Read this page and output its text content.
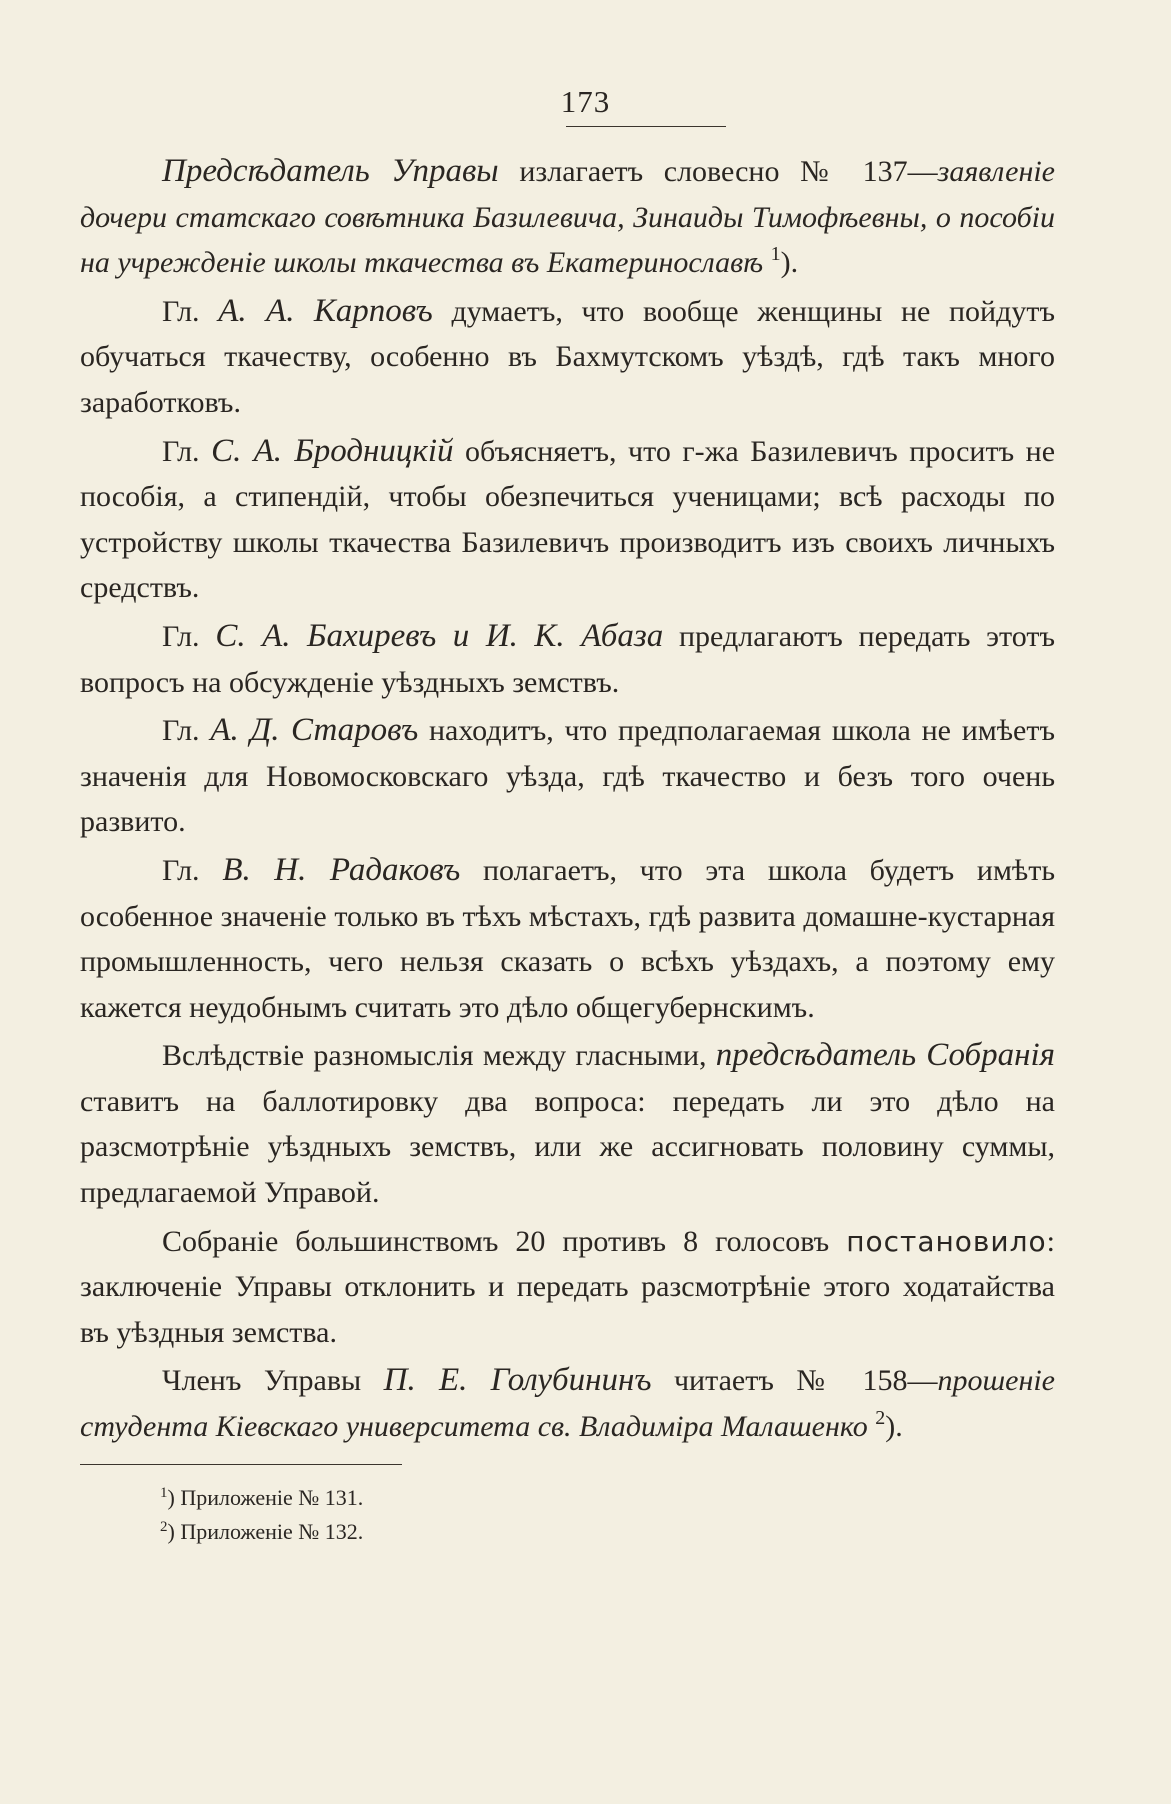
173

Предсѣдатель Управы излагаетъ словесно № 137—заявленіе дочери статскаго совѣтника Базилевича, Зинаиды Тимофѣевны, о пособіи на учрежденіе школы ткачества въ Екатеринославѣ $^1$).

Гл. А. А. Карповъ думаетъ, что вообще женщины не пойдутъ обучаться ткачеству, особенно въ Бахмутскомъ уѣздѣ, гдѣ такъ много заработковъ.

Гл. С. А. Бродницкій объясняетъ, что г-жа Базилевичъ проситъ не пособія, а стипендій, чтобы обезпечиться ученицами; всѣ расходы по устройству школы ткачества Базилевичъ производитъ изъ своихъ личныхъ средствъ.

Гл. С. А. Бахиревъ и И. К. Абаза предлагаютъ передать этотъ вопросъ на обсужденіе уѣздныхъ земствъ.

Гл. А. Д. Старовъ находитъ, что предполагаемая школа не имѣетъ значенія для Новомосковскаго уѣзда, гдѣ ткачество и безъ того очень развито.

Гл. В. Н. Радаковъ полагаетъ, что эта школа будетъ имѣть особенное значеніе только въ тѣхъ мѣстахъ, гдѣ развита домашне-кустарная промышленность, чего нельзя сказать о всѣхъ уѣздахъ, а поэтому ему кажется неудобнымъ считать это дѣло общегубернскимъ.

Вслѣдствіе разномыслія между гласными, предсѣдатель Собранія ставитъ на баллотировку два вопроса: передать ли это дѣло на разсмотрѣніе уѣздныхъ земствъ, или же ассигновать половину суммы, предлагаемой Управой.

Собраніе большинствомъ 20 противъ 8 голосовъ постановило: заключеніе Управы отклонить и передать разсмотрѣніе этого ходатайства въ уѣздныя земства.

Членъ Управы П. Е. Голубининъ читаетъ № 158—прошеніе студента Кіевскаго университета св. Владиміра Малашенко $^2$).

$^1$) Приложеніе № 131.

$^2$) Приложеніе № 132.
